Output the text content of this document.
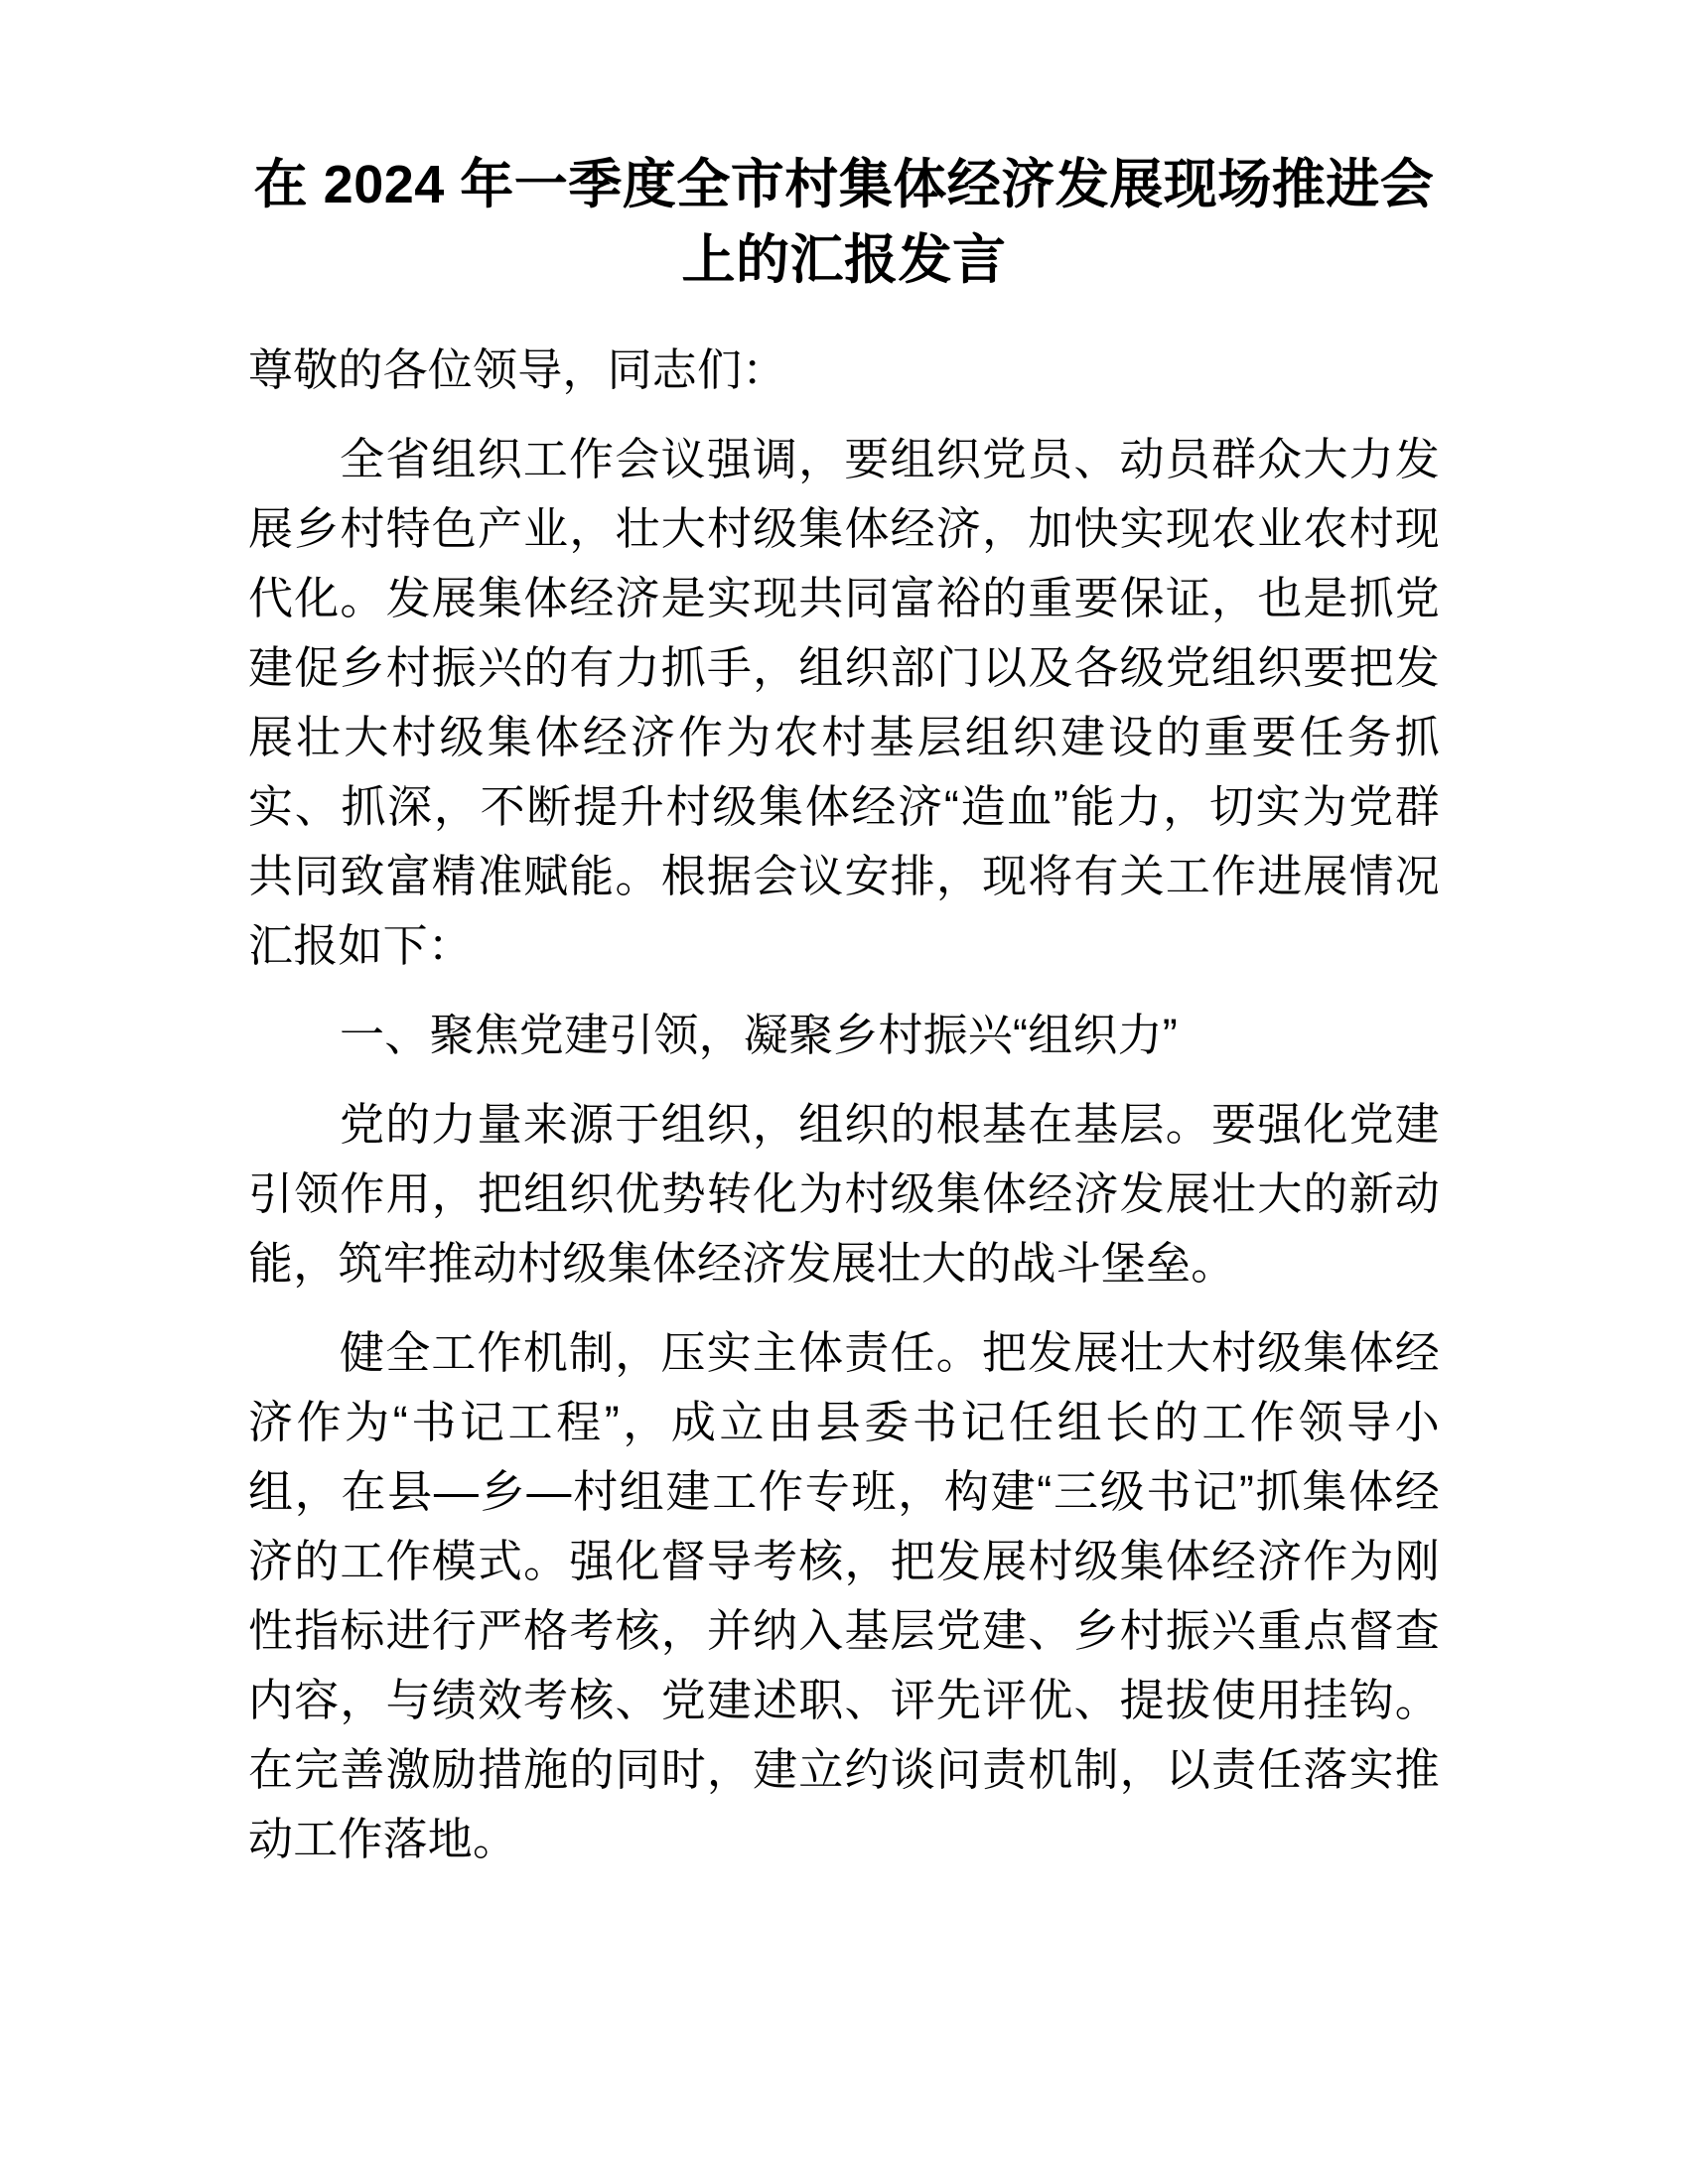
在 2024 年一季度全市村集体经济发展现场推进会上的汇报发言

尊敬的各位领导，同志们：

全省组织工作会议强调，要组织党员、动员群众大力发展乡村特色产业，壮大村级集体经济，加快实现农业农村现代化。发展集体经济是实现共同富裕的重要保证，也是抓党建促乡村振兴的有力抓手，组织部门以及各级党组织要把发展壮大村级集体经济作为农村基层组织建设的重要任务抓实、抓深，不断提升村级集体经济“造血”能力，切实为党群共同致富精准赋能。根据会议安排，现将有关工作进展情况汇报如下：

一、聚焦党建引领，凝聚乡村振兴“组织力”

党的力量来源于组织，组织的根基在基层。要强化党建引领作用，把组织优势转化为村级集体经济发展壮大的新动能，筑牢推动村级集体经济发展壮大的战斗堡垒。

健全工作机制，压实主体责任。把发展壮大村级集体经济作为“书记工程”，成立由县委书记任组长的工作领导小组，在县—乡—村组建工作专班，构建“三级书记”抓集体经济的工作模式。强化督导考核，把发展村级集体经济作为刚性指标进行严格考核，并纳入基层党建、乡村振兴重点督查内容，与绩效考核、党建述职、评先评优、提拔使用挂钩。在完善激励措施的同时，建立约谈问责机制，以责任落实推动工作落地。
